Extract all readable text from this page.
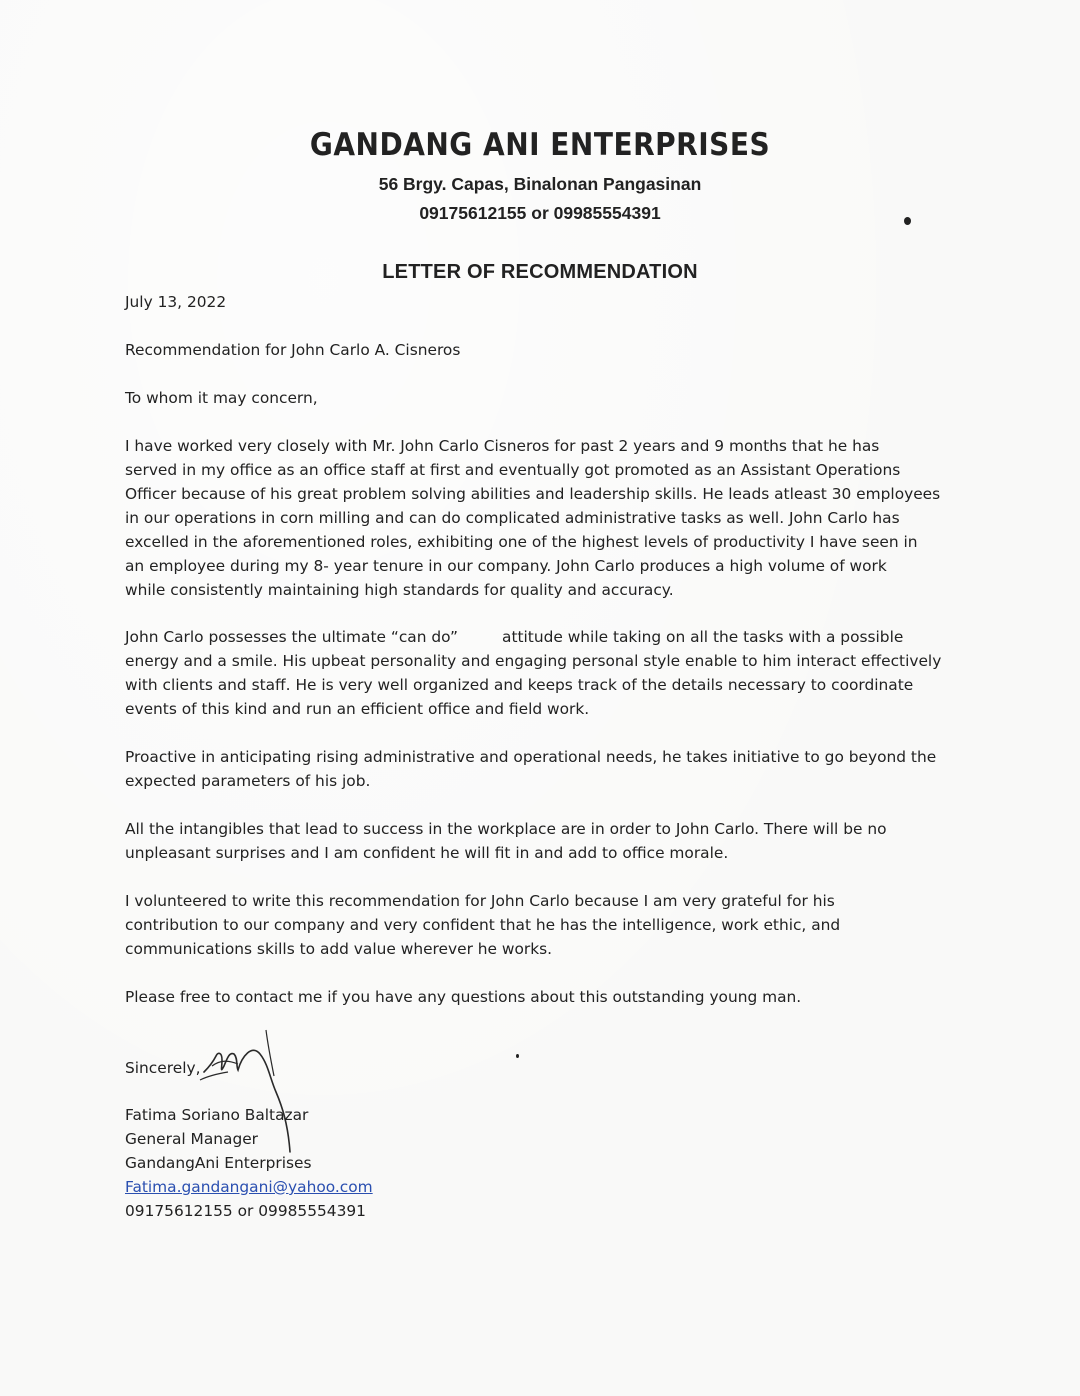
GANDANG ANI ENTERPRISES
56 Brgy. Capas, Binalonan Pangasinan
09175612155 or 09985554391
LETTER OF RECOMMENDATION
July 13, 2022
Recommendation for John Carlo A. Cisneros
To whom it may concern,
I have worked very closely with Mr. John Carlo Cisneros for past 2 years and 9 months that he has
served in my office as an office staff at first and eventually got promoted as an Assistant Operations
Officer because of his great problem solving abilities and leadership skills. He leads atleast 30 employees
in our operations in corn milling and can do complicated administrative tasks as well. John Carlo has
excelled in the aforementioned roles, exhibiting one of the highest levels of productivity I have seen in
an employee during my 8- year tenure in our company. John Carlo produces a high volume of work
while consistently maintaining high standards for quality and accuracy.
John Carlo possesses the ultimate “can do”         attitude while taking on all the tasks with a possible
energy and a smile. His upbeat personality and engaging personal style enable to him interact effectively
with clients and staff. He is very well organized and keeps track of the details necessary to coordinate
events of this kind and run an efficient office and field work.
Proactive in anticipating rising administrative and operational needs, he takes initiative to go beyond the
expected parameters of his job.
All the intangibles that lead to success in the workplace are in order to John Carlo. There will be no
unpleasant surprises and I am confident he will fit in and add to office morale.
I volunteered to write this recommendation for John Carlo because I am very grateful for his
contribution to our company and very confident that he has the intelligence, work ethic, and
communications skills to add value wherever he works.
Please free to contact me if you have any questions about this outstanding young man.
Sincerely,
Fatima Soriano Baltazar
General Manager
GandangAni Enterprises
Fatima.gandangani@yahoo.com
09175612155 or 09985554391
